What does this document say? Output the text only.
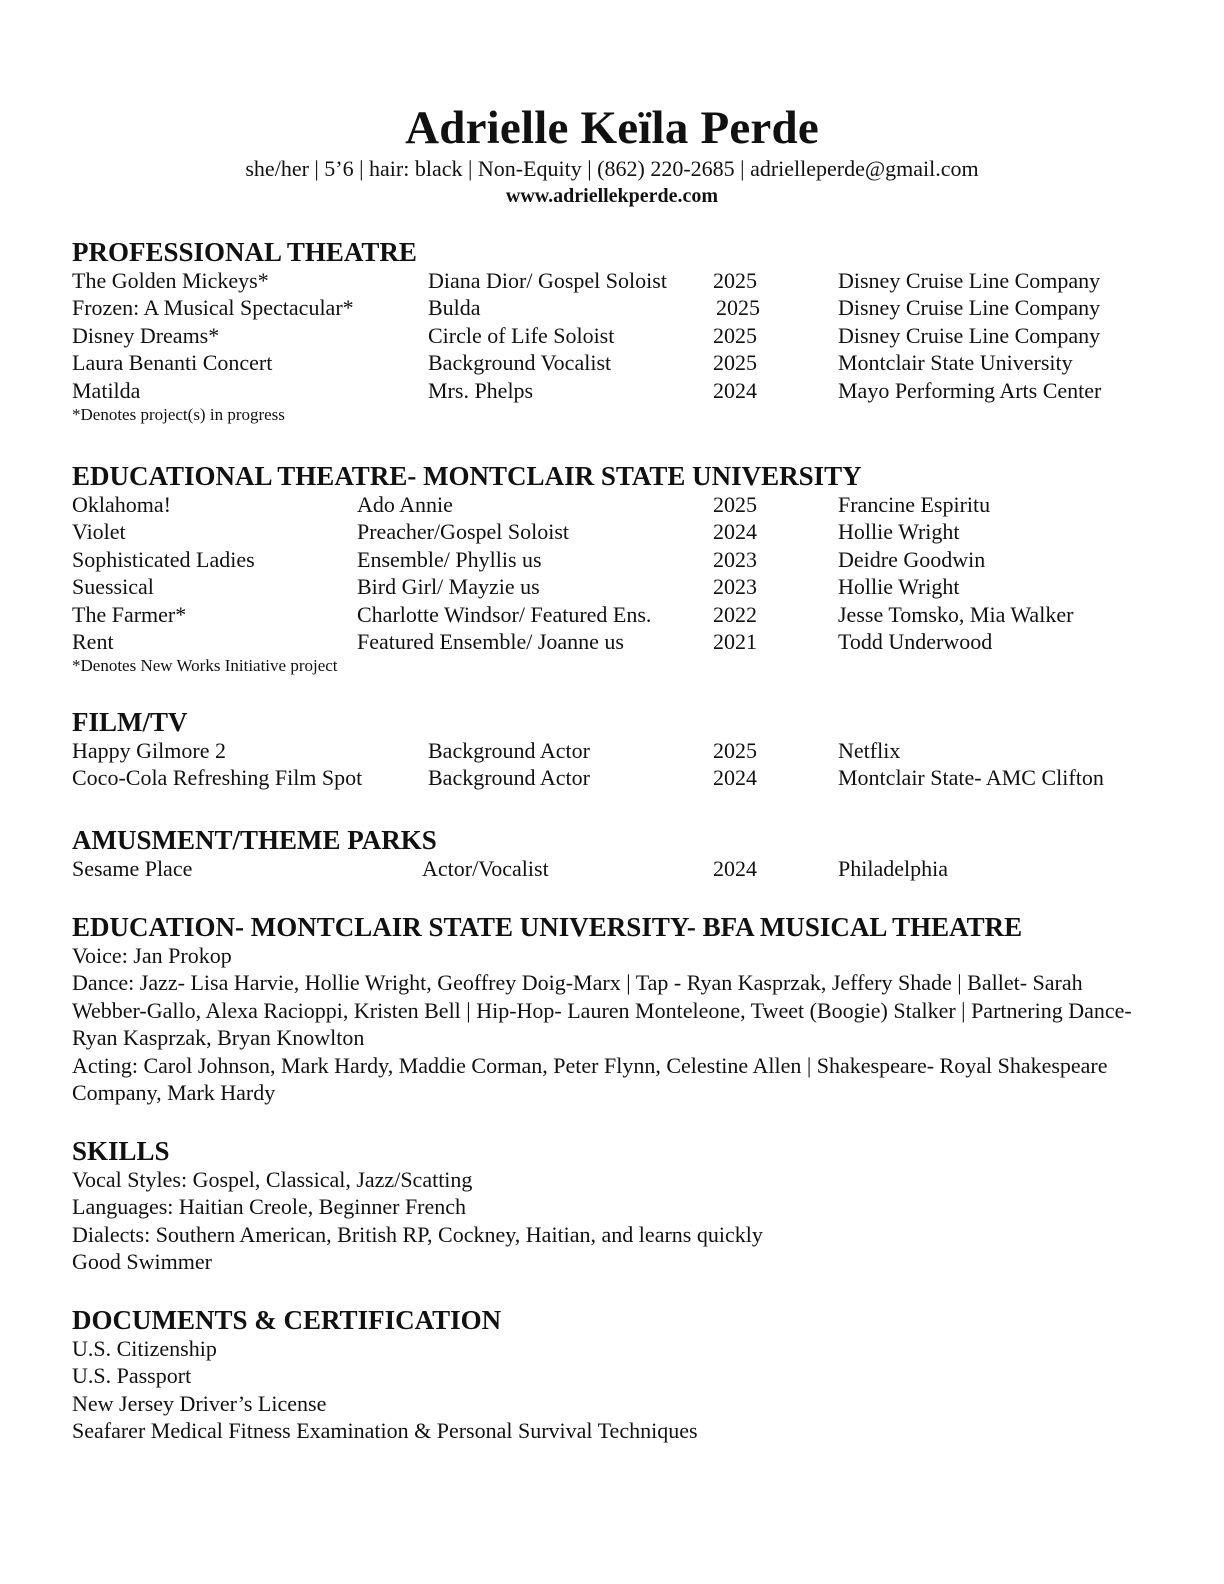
Adrielle Keïla Perde
she/her | 5’6 | hair: black | Non-Equity | (862) 220-2685 | adrielleperde@gmail.com
www.adriellekperde.com
PROFESSIONAL THEATRE
The Golden Mickeys*	Diana Dior/ Gospel Soloist 2025	Disney Cruise Line Company
Frozen: A Musical Spectacular*	Bulda	2025	Disney Cruise Line Company
Disney Dreams*	Circle of Life Soloist	2025	Disney Cruise Line Company
Laura Benanti Concert	Background Vocalist	2025	Montclair State University
Matilda	Mrs. Phelps	2024	Mayo Performing Arts Center
*Denotes project(s) in progress
EDUCATIONAL THEATRE- MONTCLAIR STATE UNIVERSITY
Oklahoma!	Ado Annie	2025	Francine Espiritu
Violet	Preacher/Gospel Soloist	2024	Hollie Wright
Sophisticated Ladies	Ensemble/ Phyllis us	2023	Deidre Goodwin
Suessical	Bird Girl/ Mayzie us	2023	Hollie Wright
The Farmer*	Charlotte Windsor/ Featured Ens.	2022	Jesse Tomsko, Mia Walker
Rent	Featured Ensemble/ Joanne us	2021	Todd Underwood
*Denotes New Works Initiative project
FILM/TV
Happy Gilmore 2	Background Actor	2025	Netflix
Coco-Cola Refreshing Film Spot	Background Actor	2024	Montclair State- AMC Clifton
AMUSMENT/THEME PARKS
Sesame Place	Actor/Vocalist	2024	Philadelphia
EDUCATION- MONTCLAIR STATE UNIVERSITY- BFA MUSICAL THEATRE
Voice: Jan Prokop
Dance: Jazz- Lisa Harvie, Hollie Wright, Geoffrey Doig-Marx | Tap - Ryan Kasprzak, Jeffery Shade | Ballet- Sarah Webber-Gallo, Alexa Racioppi, Kristen Bell | Hip-Hop- Lauren Monteleone, Tweet (Boogie) Stalker | Partnering Dance- Ryan Kasprzak, Bryan Knowlton
Acting: Carol Johnson, Mark Hardy, Maddie Corman, Peter Flynn, Celestine Allen | Shakespeare- Royal Shakespeare Company, Mark Hardy
SKILLS
Vocal Styles: Gospel, Classical, Jazz/Scatting
Languages: Haitian Creole, Beginner French
Dialects: Southern American, British RP, Cockney, Haitian, and learns quickly
Good Swimmer
DOCUMENTS & CERTIFICATION
U.S. Citizenship
U.S. Passport
New Jersey Driver’s License
Seafarer Medical Fitness Examination & Personal Survival Techniques
